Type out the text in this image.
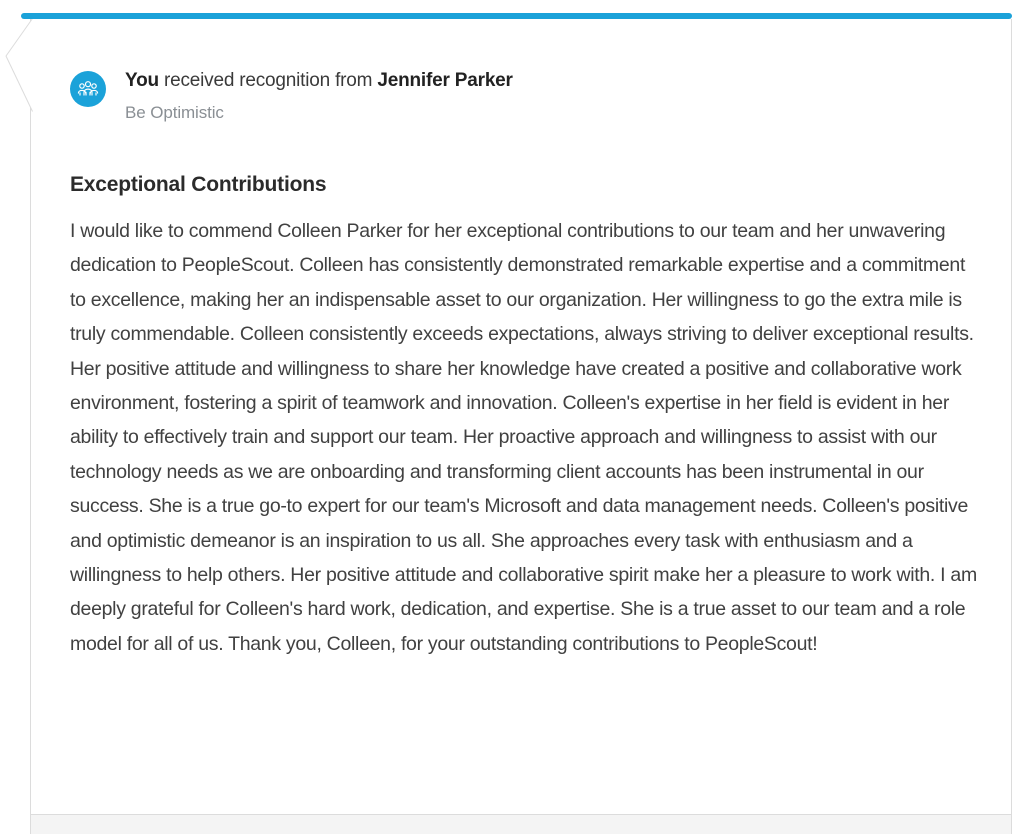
You received recognition from Jennifer Parker
Be Optimistic
Exceptional Contributions

I would like to commend Colleen Parker for her exceptional contributions to our team and her unwavering dedication to PeopleScout. Colleen has consistently demonstrated remarkable expertise and a commitment to excellence, making her an indispensable asset to our organization. Her willingness to go the extra mile is truly commendable. Colleen consistently exceeds expectations, always striving to deliver exceptional results. Her positive attitude and willingness to share her knowledge have created a positive and collaborative work environment, fostering a spirit of teamwork and innovation. Colleen's expertise in her field is evident in her ability to effectively train and support our team. Her proactive approach and willingness to assist with our technology needs as we are onboarding and transforming client accounts has been instrumental in our success. She is a true go-to expert for our team's Microsoft and data management needs. Colleen's positive and optimistic demeanor is an inspiration to us all. She approaches every task with enthusiasm and a willingness to help others. Her positive attitude and collaborative spirit make her a pleasure to work with. I am deeply grateful for Colleen's hard work, dedication, and expertise. She is a true asset to our team and a role model for all of us. Thank you, Colleen, for your outstanding contributions to PeopleScout!
